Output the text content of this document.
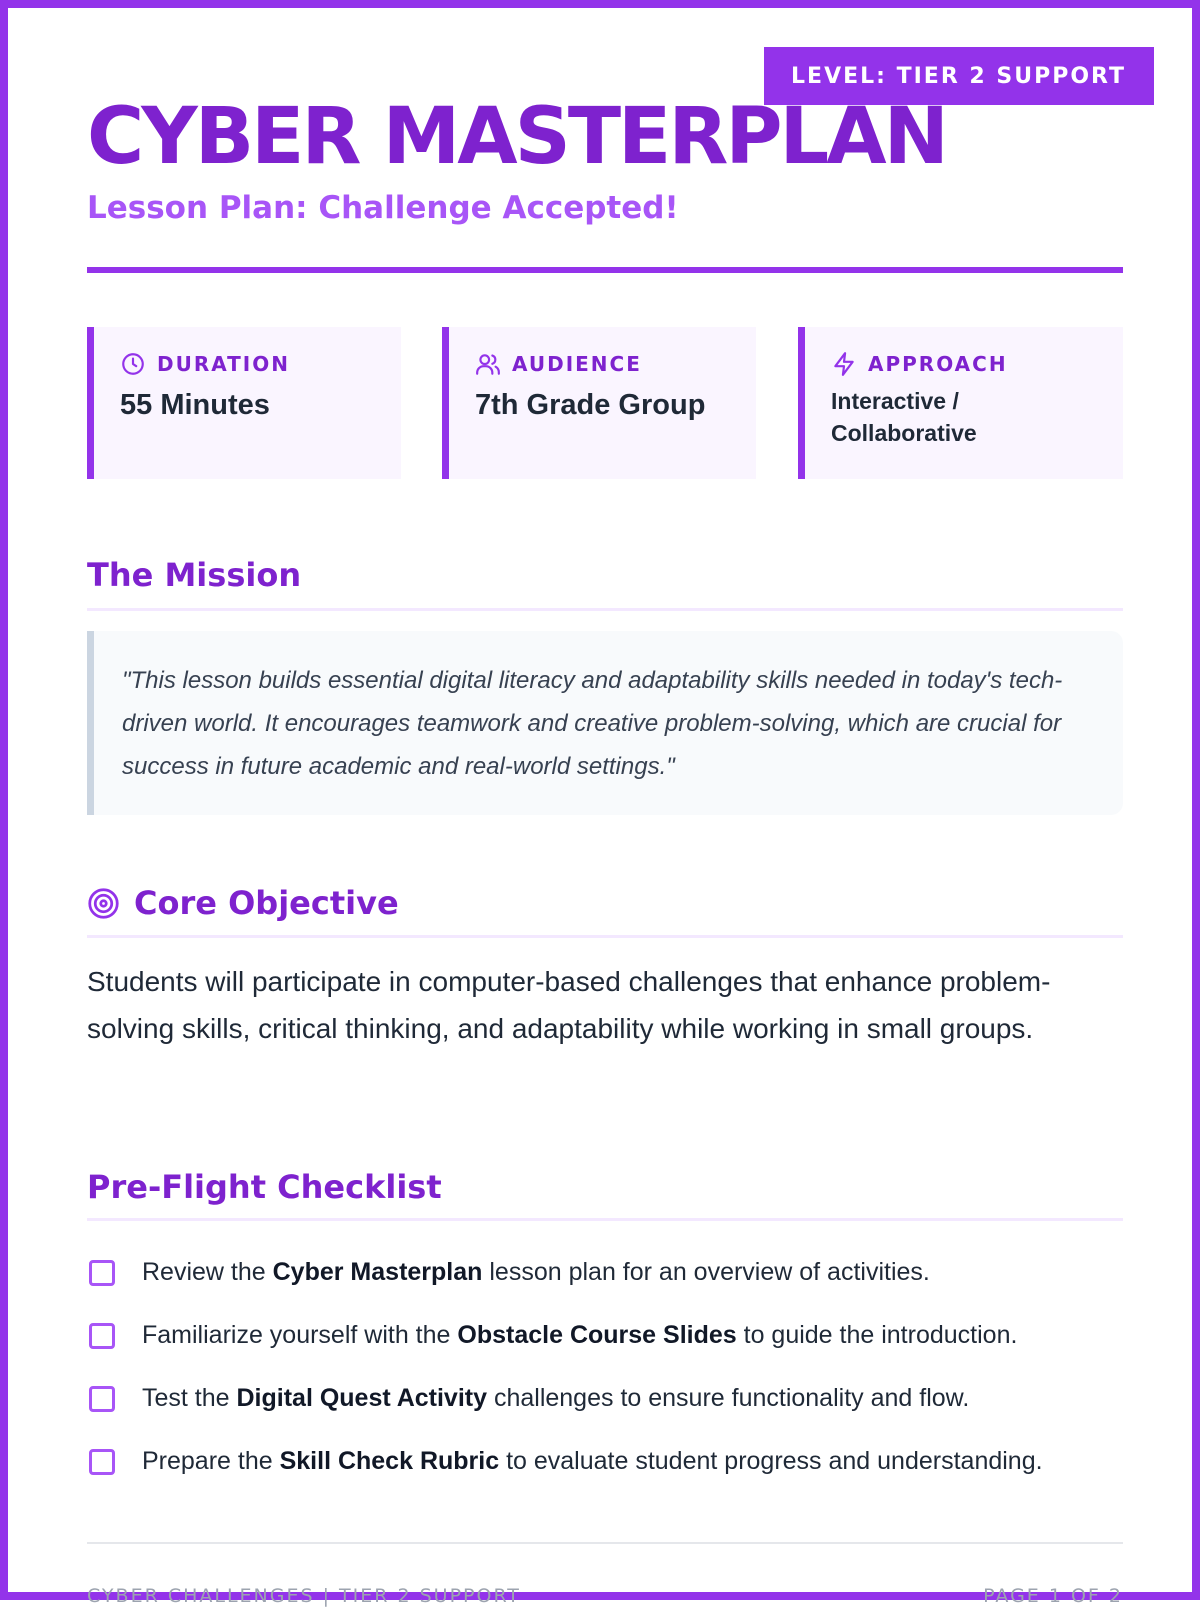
LEVEL: TIER 2 SUPPORT
CYBER MASTERPLAN
Lesson Plan: Challenge Accepted!
DURATION
55 Minutes
AUDIENCE
7th Grade Group
APPROACH
Interactive /
Collaborative
The Mission
"This lesson builds essential digital literacy and adaptability skills needed in today's tech-driven world. It encourages teamwork and creative problem-solving, which are crucial for success in future academic and real-world settings."
Core Objective

Students will participate in computer-based challenges that enhance problem-solving skills, critical thinking, and adaptability while working in small groups.

Pre-Flight Checklist
Review the Cyber Masterplan lesson plan for an overview of activities.
Familiarize yourself with the Obstacle Course Slides to guide the introduction.
Test the Digital Quest Activity challenges to ensure functionality and flow.
Prepare the Skill Check Rubric to evaluate student progress and understanding.
CYBER CHALLENGES | TIER 2 SUPPORT	PAGE 1 OF 2
